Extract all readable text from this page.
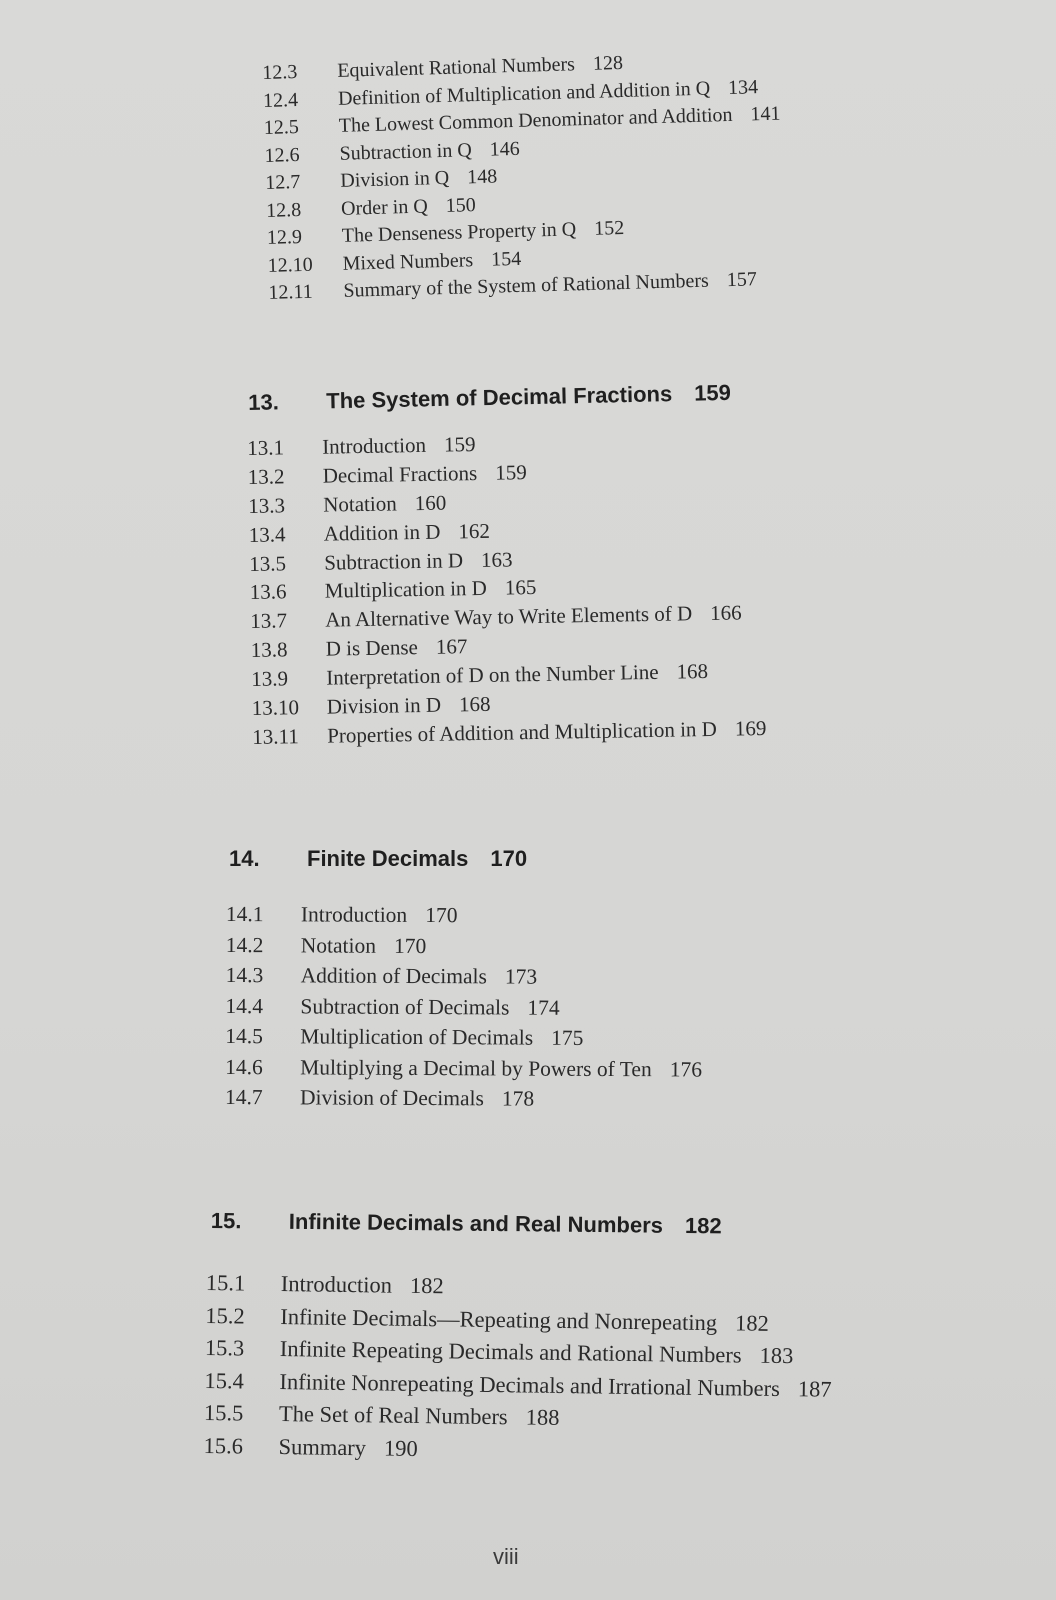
12.3 Equivalent Rational Numbers 128
12.4 Definition of Multiplication and Addition in Q 134
12.5 The Lowest Common Denominator and Addition 141
12.6 Subtraction in Q 146
12.7 Division in Q 148
12.8 Order in Q 150
12.9 The Denseness Property in Q 152
12.10 Mixed Numbers 154
12.11 Summary of the System of Rational Numbers 157
13. The System of Decimal Fractions 159
13.1 Introduction 159
13.2 Decimal Fractions 159
13.3 Notation 160
13.4 Addition in D 162
13.5 Subtraction in D 163
13.6 Multiplication in D 165
13.7 An Alternative Way to Write Elements of D 166
13.8 D is Dense 167
13.9 Interpretation of D on the Number Line 168
13.10 Division in D 168
13.11 Properties of Addition and Multiplication in D 169
14. Finite Decimals 170
14.1 Introduction 170
14.2 Notation 170
14.3 Addition of Decimals 173
14.4 Subtraction of Decimals 174
14.5 Multiplication of Decimals 175
14.6 Multiplying a Decimal by Powers of Ten 176
14.7 Division of Decimals 178
15. Infinite Decimals and Real Numbers 182
15.1 Introduction 182
15.2 Infinite Decimals—Repeating and Nonrepeating 182
15.3 Infinite Repeating Decimals and Rational Numbers 183
15.4 Infinite Nonrepeating Decimals and Irrational Numbers 187
15.5 The Set of Real Numbers 188
15.6 Summary 190
viii
